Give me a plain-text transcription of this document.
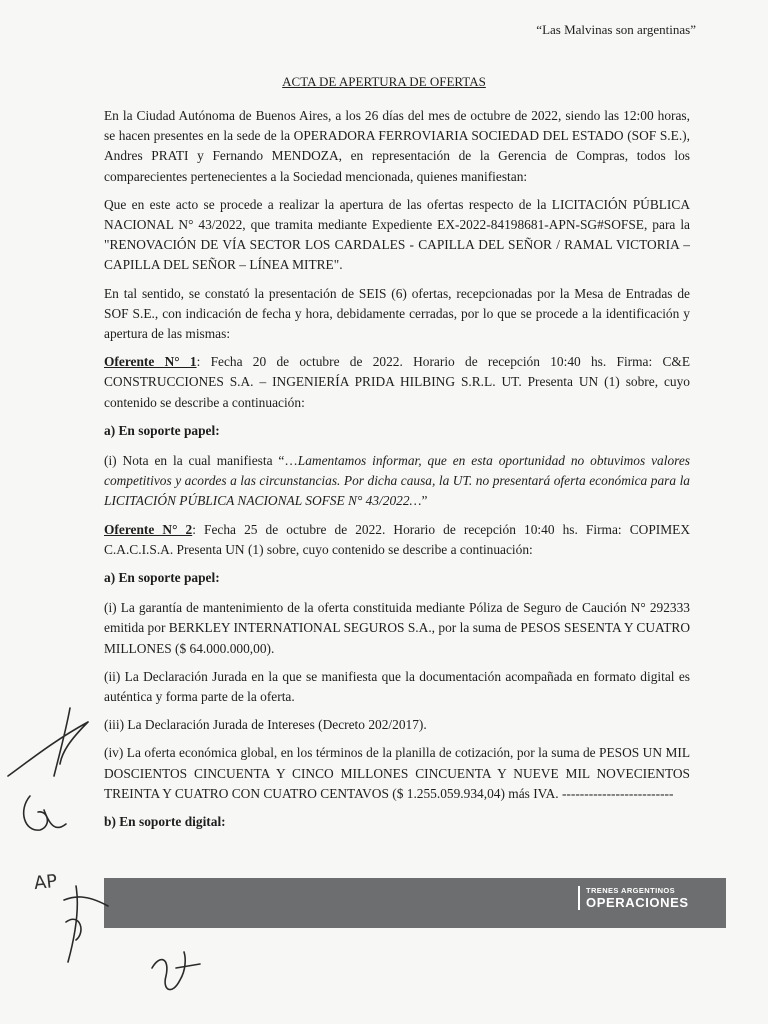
“Las Malvinas son argentinas”
ACTA DE APERTURA DE OFERTAS

En la Ciudad Autónoma de Buenos Aires, a los 26 días del mes de octubre de 2022, siendo las 12:00 horas, se hacen presentes en la sede de la OPERADORA FERROVIARIA SOCIEDAD DEL ESTADO (SOF S.E.), Andres PRATI y Fernando MENDOZA, en representación de la Gerencia de Compras, todos los comparecientes pertenecientes a la Sociedad mencionada, quienes manifiestan:

Que en este acto se procede a realizar la apertura de las ofertas respecto de la LICITACIÓN PÚBLICA NACIONAL N° 43/2022, que tramita mediante Expediente EX-2022-84198681-APN-SG#SOFSE, para la "RENOVACIÓN DE VÍA SECTOR LOS CARDALES - CAPILLA DEL SEÑOR / RAMAL VICTORIA – CAPILLA DEL SEÑOR – LÍNEA MITRE".

En tal sentido, se constató la presentación de SEIS (6) ofertas, recepcionadas por la Mesa de Entradas de SOF S.E., con indicación de fecha y hora, debidamente cerradas, por lo que se procede a la identificación y apertura de las mismas:

Oferente N° 1: Fecha 20 de octubre de 2022. Horario de recepción 10:40 hs. Firma: C&E CONSTRUCCIONES S.A. – INGENIERÍA PRIDA HILBING S.R.L. UT. Presenta UN (1) sobre, cuyo contenido se describe a continuación:

a) En soporte papel:

(i) Nota en la cual manifiesta “…Lamentamos informar, que en esta oportunidad no obtuvimos valores competitivos y acordes a las circunstancias. Por dicha causa, la UT. no presentará oferta económica para la LICITACIÓN PÚBLICA NACIONAL SOFSE N° 43/2022…”

Oferente N° 2: Fecha 25 de octubre de 2022. Horario de recepción 10:40 hs. Firma: COPIMEX C.A.C.I.S.A. Presenta UN (1) sobre, cuyo contenido se describe a continuación:

a) En soporte papel:

(i) La garantía de mantenimiento de la oferta constituida mediante Póliza de Seguro de Caución N° 292333 emitida por BERKLEY INTERNATIONAL SEGUROS S.A., por la suma de PESOS SESENTA Y CUATRO MILLONES ($ 64.000.000,00).

(ii) La Declaración Jurada en la que se manifiesta que la documentación acompañada en formato digital es auténtica y forma parte de la oferta.

(iii) La Declaración Jurada de Intereses (Decreto 202/2017).

(iv) La oferta económica global, en los términos de la planilla de cotización, por la suma de PESOS UN MIL DOSCIENTOS CINCUENTA Y CINCO MILLONES CINCUENTA Y NUEVE MIL NOVECIENTOS TREINTA Y CUATRO CON CUATRO CENTAVOS ($ 1.255.059.934,04) más IVA. -------------------------

b) En soporte digital:

TRENES ARGENTINOS
OPERACIONES
AP
